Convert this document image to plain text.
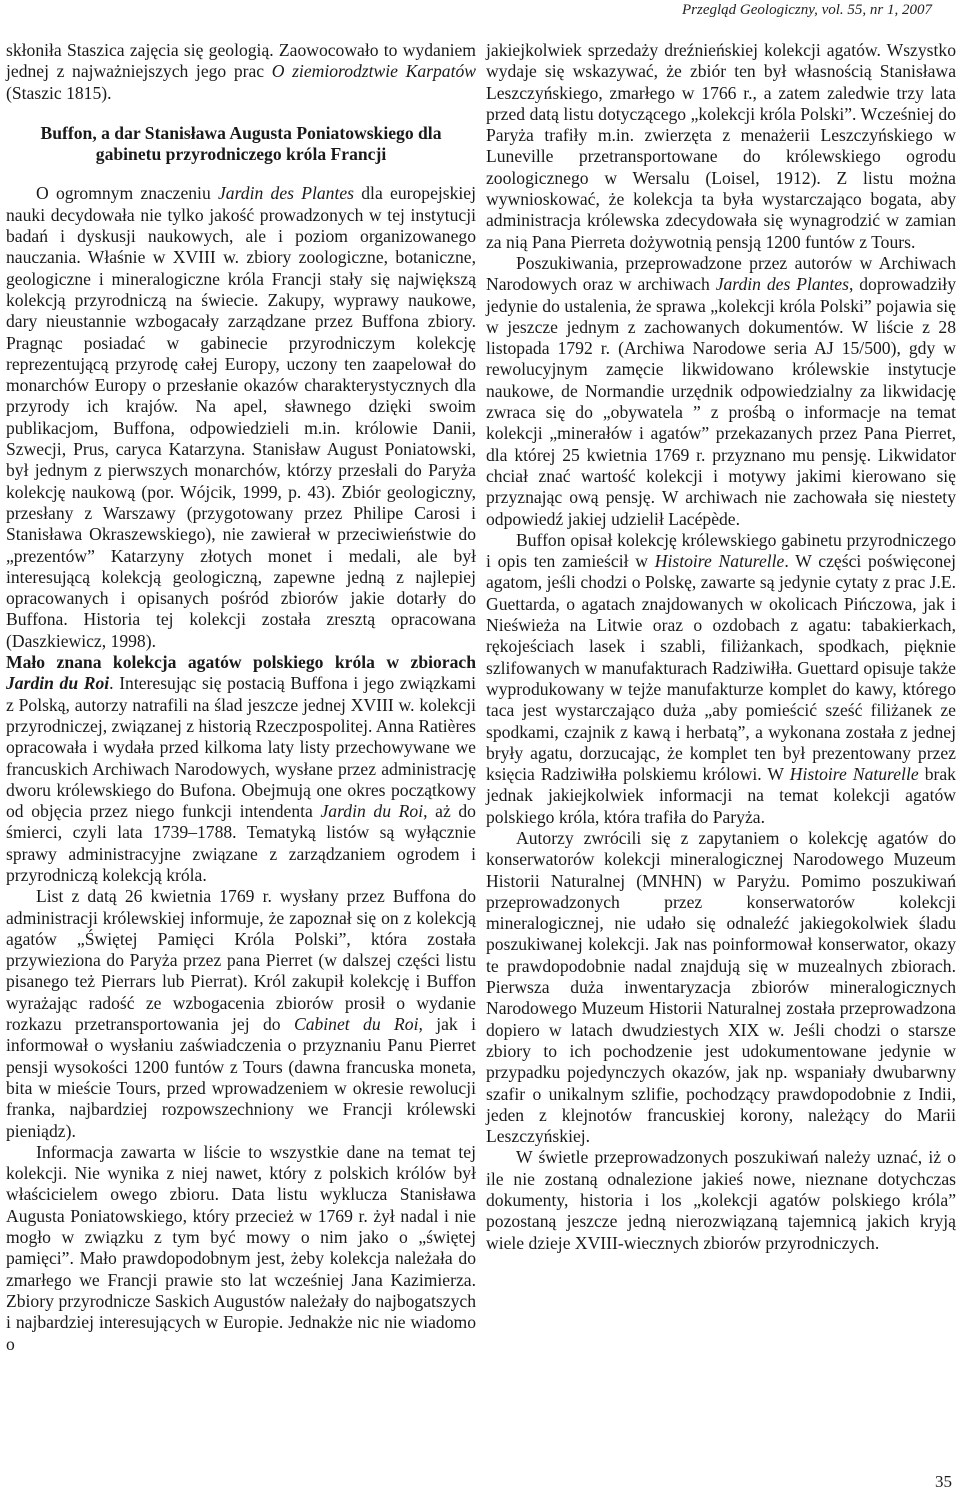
Przegląd Geologiczny, vol. 55, nr 1, 2007

skłoniła Staszica zajęcia się geologią. Zaowocowało to wydaniem jednej z najważniejszych jego prac O ziemiorodztwie Karpatów (Staszic 1815).

Buffon, a dar Stanisława Augusta Poniatowskiego dla gabinetu przyrodniczego króla Francji

O ogromnym znaczeniu Jardin des Plantes dla europejskiej nauki decydowała nie tylko jakość prowadzonych w tej instytucji badań i dyskusji naukowych, ale i poziom organizowanego nauczania. Właśnie w XVIII w. zbiory zoologiczne, botaniczne, geologiczne i mineralogiczne króla Francji stały się największą kolekcją przyrodniczą na świecie. Zakupy, wyprawy naukowe, dary nieustannie wzbogacały zarządzane przez Buffona zbiory. Pragnąc posiadać w gabinecie przyrodniczym kolekcję reprezentującą przyrodę całej Europy, uczony ten zaapelował do monarchów Europy o przesłanie okazów charakterystycznych dla przyrody ich krajów. Na apel, sławnego dzięki swoim publikacjom, Buffona, odpowiedzieli m.in. królowie Danii, Szwecji, Prus, caryca Katarzyna. Stanisław August Poniatowski, był jednym z pierwszych monarchów, którzy przesłali do Paryża kolekcję naukową (por. Wójcik, 1999, p. 43). Zbiór geologiczny, przesłany z Warszawy (przygotowany przez Philipe Carosi i Stanisława Okraszewskiego), nie zawierał w przeciwieństwie do „prezentów” Katarzyny złotych monet i medali, ale był interesującą kolekcją geologiczną, zapewne jedną z najlepiej opracowanych i opisanych pośród zbiorów jakie dotarły do Buffona. Historia tej kolekcji została zresztą opracowana (Daszkiewicz, 1998).

Mało znana kolekcja agatów polskiego króla w zbiorach Jardin du Roi. Interesując się postacią Buffona i jego związkami z Polską, autorzy natrafili na ślad jeszcze jednej XVIII w. kolekcji przyrodniczej, związanej z historią Rzeczpospolitej. Anna Ratières opracowała i wydała przed kilkoma laty listy przechowywane we francuskich Archiwach Narodowych, wysłane przez administrację dworu królewskiego do Bufona. Obejmują one okres początkowy od objęcia przez niego funkcji intendenta Jardin du Roi, aż do śmierci, czyli lata 1739–1788. Tematyką listów są wyłącznie sprawy administracyjne związane z zarządzaniem ogrodem i przyrodniczą kolekcją króla.

List z datą 26 kwietnia 1769 r. wysłany przez Buffona do administracji królewskiej informuje, że zapoznał się on z kolekcją agatów „Świętej Pamięci Króla Polski”, która została przywieziona do Paryża przez pana Pierret (w dalszej części listu pisanego też Pierrars lub Pierrat). Król zakupił kolekcję i Buffon wyrażając radość ze wzbogacenia zbiorów prosił o wydanie rozkazu przetransportowania jej do Cabinet du Roi, jak i informował o wysłaniu zaświadczenia o przyznaniu Panu Pierret pensji wysokości 1200 funtów z Tours (dawna francuska moneta, bita w mieście Tours, przed wprowadzeniem w okresie rewolucji franka, najbardziej rozpowszechniony we Francji królewski pieniądz).

Informacja zawarta w liście to wszystkie dane na temat tej kolekcji. Nie wynika z niej nawet, który z polskich królów był właścicielem owego zbioru. Data listu wyklucza Stanisława Augusta Poniatowskiego, który przecież w 1769 r. żył nadal i nie mogło w związku z tym być mowy o nim jako o „świętej pamięci”. Mało prawdopodobnym jest, żeby kolekcja należała do zmarłego we Francji prawie sto lat wcześniej Jana Kazimierza. Zbiory przyrodnicze Saskich Augustów należały do najbogatszych i najbardziej interesujących w Europie. Jednakże nic nie wiadomo o

jakiejkolwiek sprzedaży dreźnieńskiej kolekcji agatów. Wszystko wydaje się wskazywać, że zbiór ten był własnością Stanisława Leszczyńskiego, zmarłego w 1766 r., a zatem zaledwie trzy lata przed datą listu dotyczącego „kolekcji króla Polski”. Wcześniej do Paryża trafiły m.in. zwierzęta z menażerii Leszczyńskiego w Luneville przetransportowane do królewskiego ogrodu zoologicznego w Wersalu (Loisel, 1912). Z listu można wywnioskować, że kolekcja ta była wystarczająco bogata, aby administracja królewska zdecydowała się wynagrodzić w zamian za nią Pana Pierreta dożywotnią pensją 1200 funtów z Tours.

Poszukiwania, przeprowadzone przez autorów w Archiwach Narodowych oraz w archiwach Jardin des Plantes, doprowadziły jedynie do ustalenia, że sprawa „kolekcji króla Polski” pojawia się w jeszcze jednym z zachowanych dokumentów. W liście z 28 listopada 1792 r. (Archiwa Narodowe seria AJ 15/500), gdy w rewolucyjnym zamęcie likwidowano królewskie instytucje naukowe, de Normandie urzędnik odpowiedzialny za likwidację zwraca się do „obywatela ” z prośbą o informacje na temat kolekcji „minerałów i agatów” przekazanych przez Pana Pierret, dla której 25 kwietnia 1769 r. przyznano mu pensję. Likwidator chciał znać wartość kolekcji i motywy jakimi kierowano się przyznając ową pensję. W archiwach nie zachowała się niestety odpowiedź jakiej udzielił Lacépède.

Buffon opisał kolekcję królewskiego gabinetu przyrodniczego i opis ten zamieścił w Histoire Naturelle. W części poświęconej agatom, jeśli chodzi o Polskę, zawarte są jedynie cytaty z prac J.E. Guettarda, o agatach znajdowanych w okolicach Pińczowa, jak i Nieświeża na Litwie oraz o ozdobach z agatu: tabakierkach, rękojeściach lasek i szabli, filiżankach, spodkach, pięknie szlifowanych w manufakturach Radziwiłła. Guettard opisuje także wyprodukowany w tejże manufakturze komplet do kawy, którego taca jest wystarczająco duża „aby pomieścić sześć filiżanek ze spodkami, czajnik z kawą i herbatą”, a wykonana została z jednej bryły agatu, dorzucając, że komplet ten był prezentowany przez księcia Radziwiłła polskiemu królowi. W Histoire Naturelle brak jednak jakiejkolwiek informacji na temat kolekcji agatów polskiego króla, która trafiła do Paryża.

Autorzy zwrócili się z zapytaniem o kolekcję agatów do konserwatorów kolekcji mineralogicznej Narodowego Muzeum Historii Naturalnej (MNHN) w Paryżu. Pomimo poszukiwań przeprowadzonych przez konserwatorów kolekcji mineralogicznej, nie udało się odnaleźć jakiegokolwiek śladu poszukiwanej kolekcji. Jak nas poinformował konserwator, okazy te prawdopodobnie nadal znajdują się w muzealnych zbiorach. Pierwsza duża inwentaryzacja zbiorów mineralogicznych Narodowego Muzeum Historii Naturalnej została przeprowadzona dopiero w latach dwudziestych XIX w. Jeśli chodzi o starsze zbiory to ich pochodzenie jest udokumentowane jedynie w przypadku pojedynczych okazów, jak np. wspaniały dwubarwny szafir o unikalnym szlifie, pochodzący prawdopodobnie z Indii, jeden z klejnotów francuskiej korony, należący do Marii Leszczyńskiej.

W świetle przeprowadzonych poszukiwań należy uznać, iż o ile nie zostaną odnalezione jakieś nowe, nieznane dotychczas dokumenty, historia i los „kolekcji agatów polskiego króla” pozostaną jeszcze jedną nierozwiązaną tajemnicą jakich kryją wiele dzieje XVIII-wiecznych zbiorów przyrodniczych.

35
